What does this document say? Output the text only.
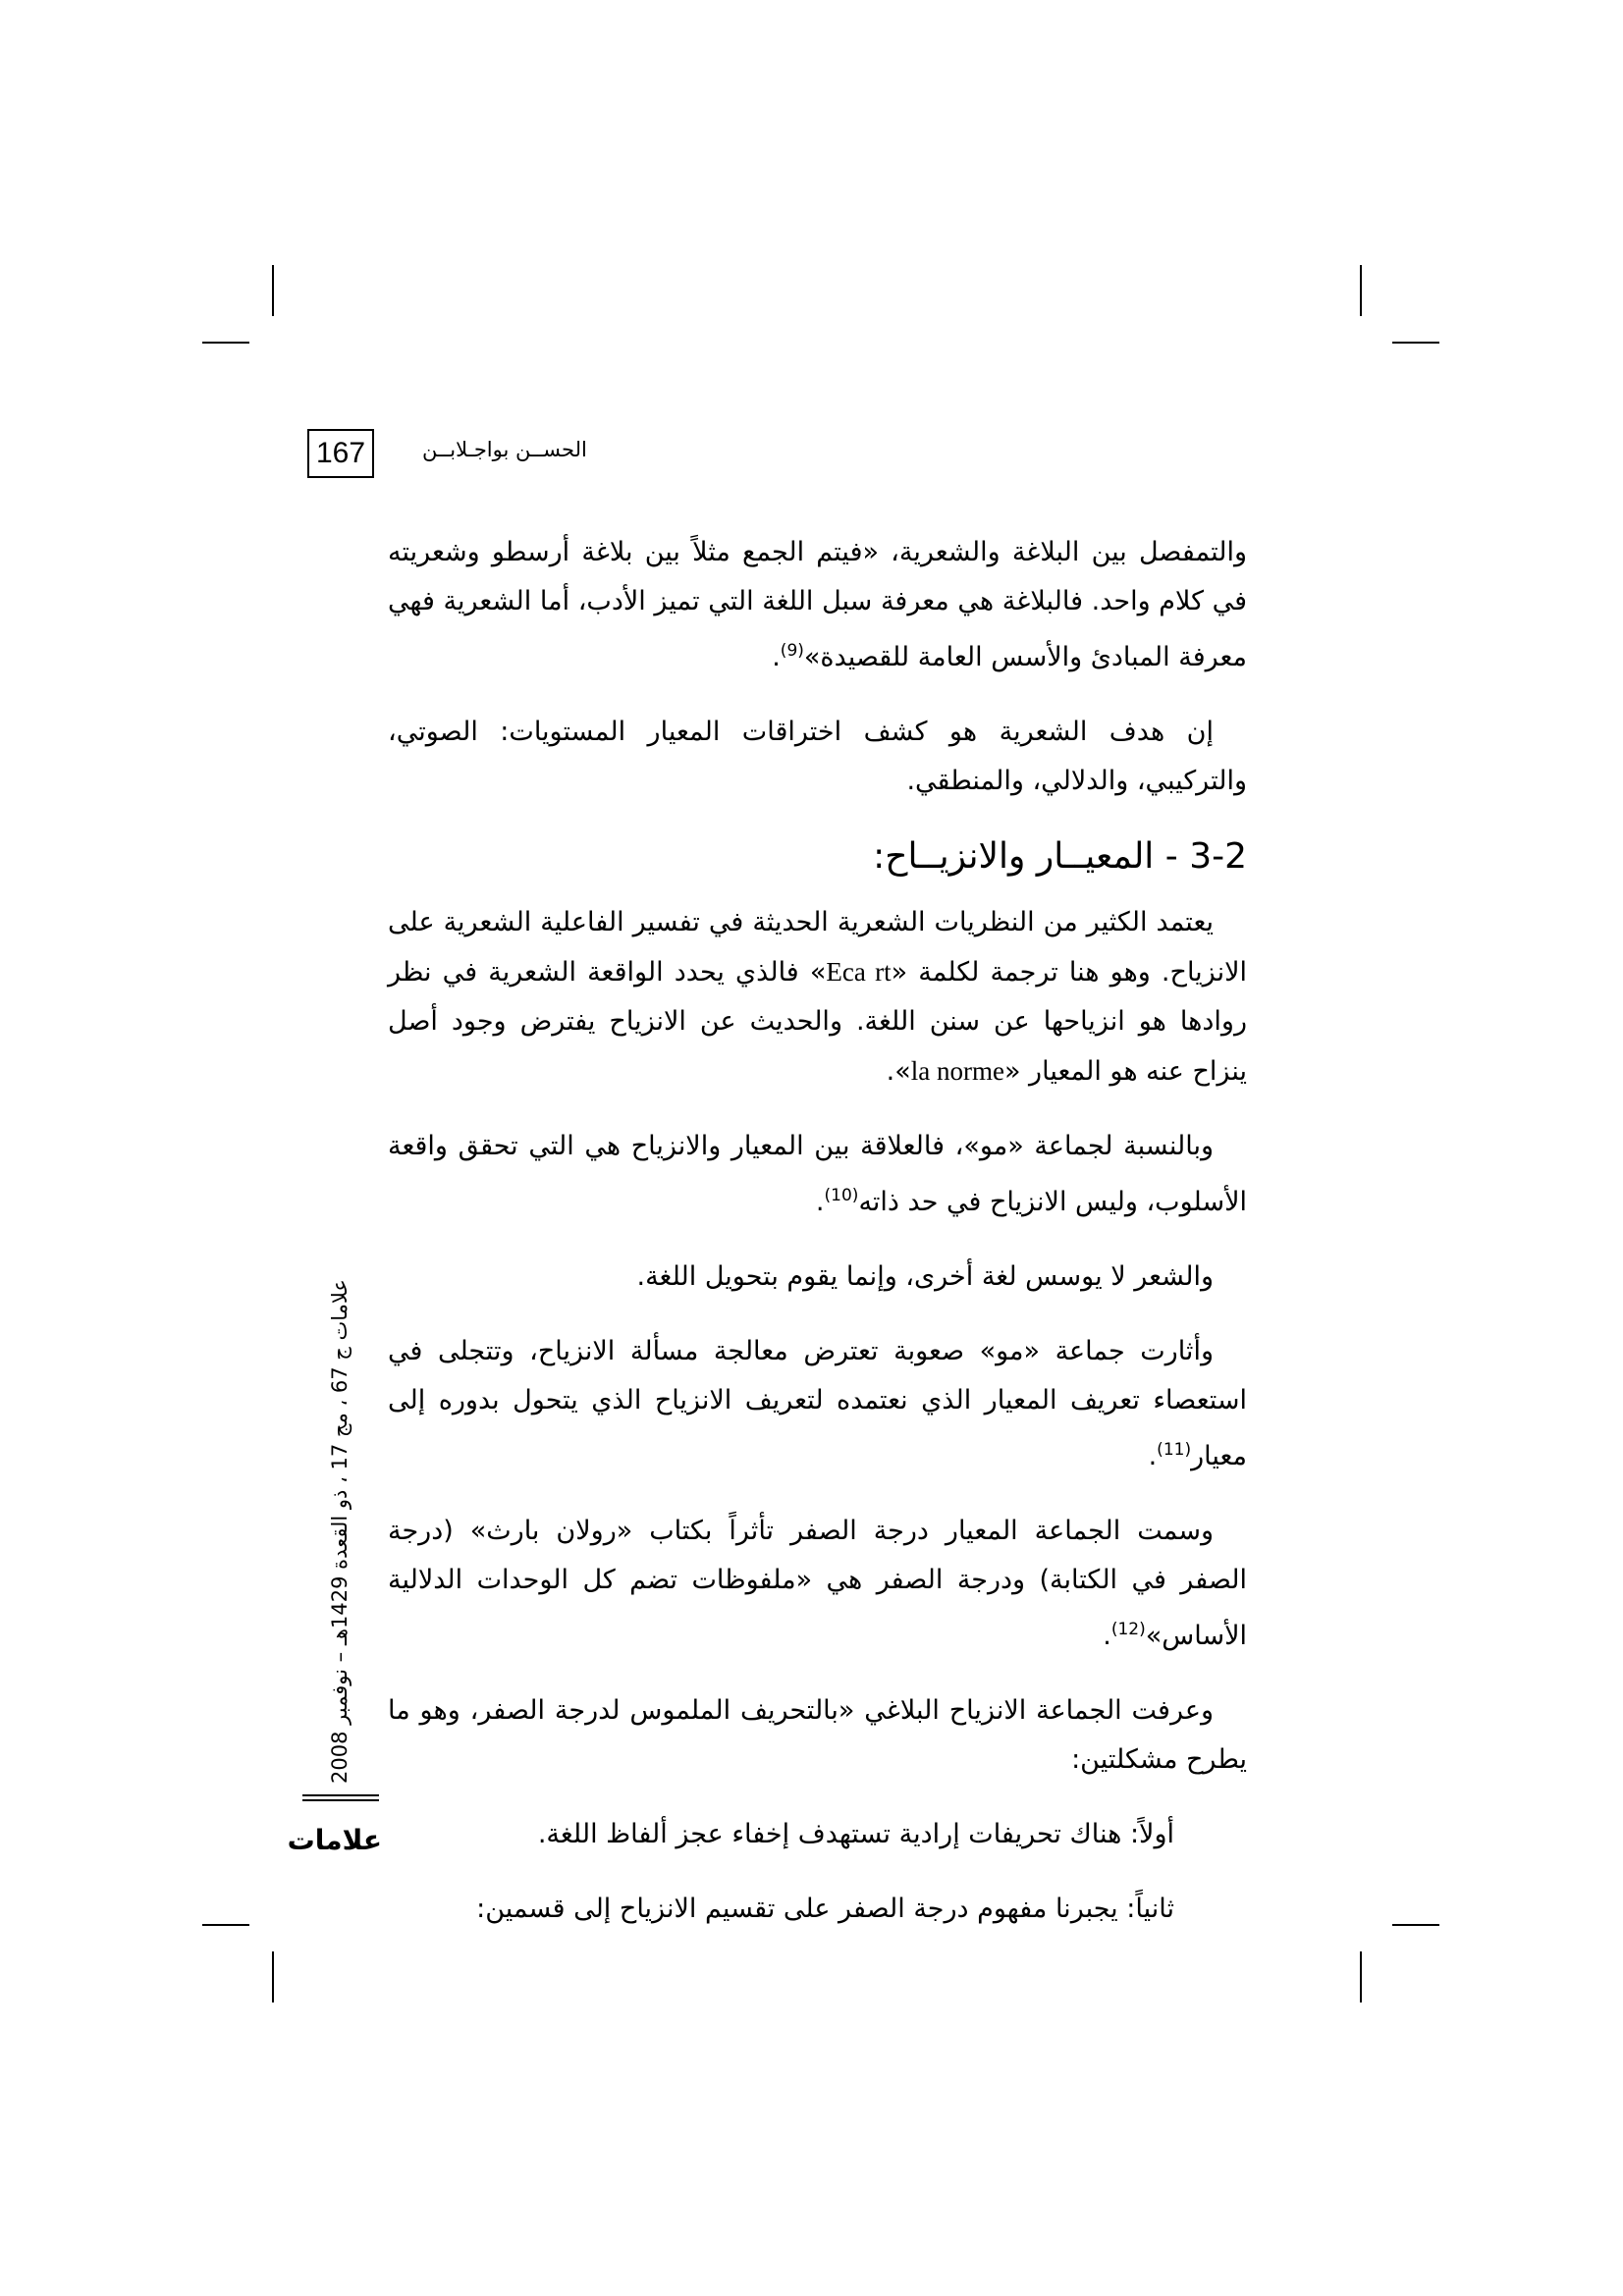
167	الحســن بواجـلابــن

والتمفصل بين البلاغة والشعرية، «فيتم الجمع مثلاً بين بلاغة أرسطو وشعريته في كلام واحد. فالبلاغة هي معرفة سبل اللغة التي تميز الأدب، أما الشعرية فهي معرفة المبادئ والأسس العامة للقصيدة»$^{(9)}$.

إن هدف الشعرية هو كشف اختراقات المعيار المستويات: الصوتي، والتركيبي، والدلالي، والمنطقي.

3-2 - المعيــار والانزيــاح:

يعتمد الكثير من النظريات الشعرية الحديثة في تفسير الفاعلية الشعرية على الانزياح. وهو هنا ترجمة لكلمة «Eca rt» فالذي يحدد الواقعة الشعرية في نظر روادها هو انزياحها عن سنن اللغة. والحديث عن الانزياح يفترض وجود أصل ينزاح عنه هو المعيار «la norme».

وبالنسبة لجماعة «مو»، فالعلاقة بين المعيار والانزياح هي التي تحقق واقعة الأسلوب، وليس الانزياح في حد ذاته$^{(10)}$.

والشعر لا يوسس لغة أخرى، وإنما يقوم بتحويل اللغة.

وأثارت جماعة «مو» صعوبة تعترض معالجة مسألة الانزياح، وتتجلى في استعصاء تعريف المعيار الذي نعتمده لتعريف الانزياح الذي يتحول بدوره إلى معيار$^{(11)}$.

وسمت الجماعة المعيار درجة الصفر تأثراً بكتاب «رولان بارث» (درجة الصفر في الكتابة) ودرجة الصفر هي «ملفوظات تضم كل الوحدات الدلالية الأساس»$^{(12)}$.

وعرفت الجماعة الانزياح البلاغي «بالتحريف الملموس لدرجة الصفر، وهو ما يطرح مشكلتين:

أولاً: هناك تحريفات إرادية تستهدف إخفاء عجز ألفاظ اللغة.

ثانياً: يجبرنا مفهوم درجة الصفر على تقسيم الانزياح إلى قسمين:

علامات ج 67 ، مج 17 ، ذو القعدة 1429هـ – نوفمبر 2008
علامات
